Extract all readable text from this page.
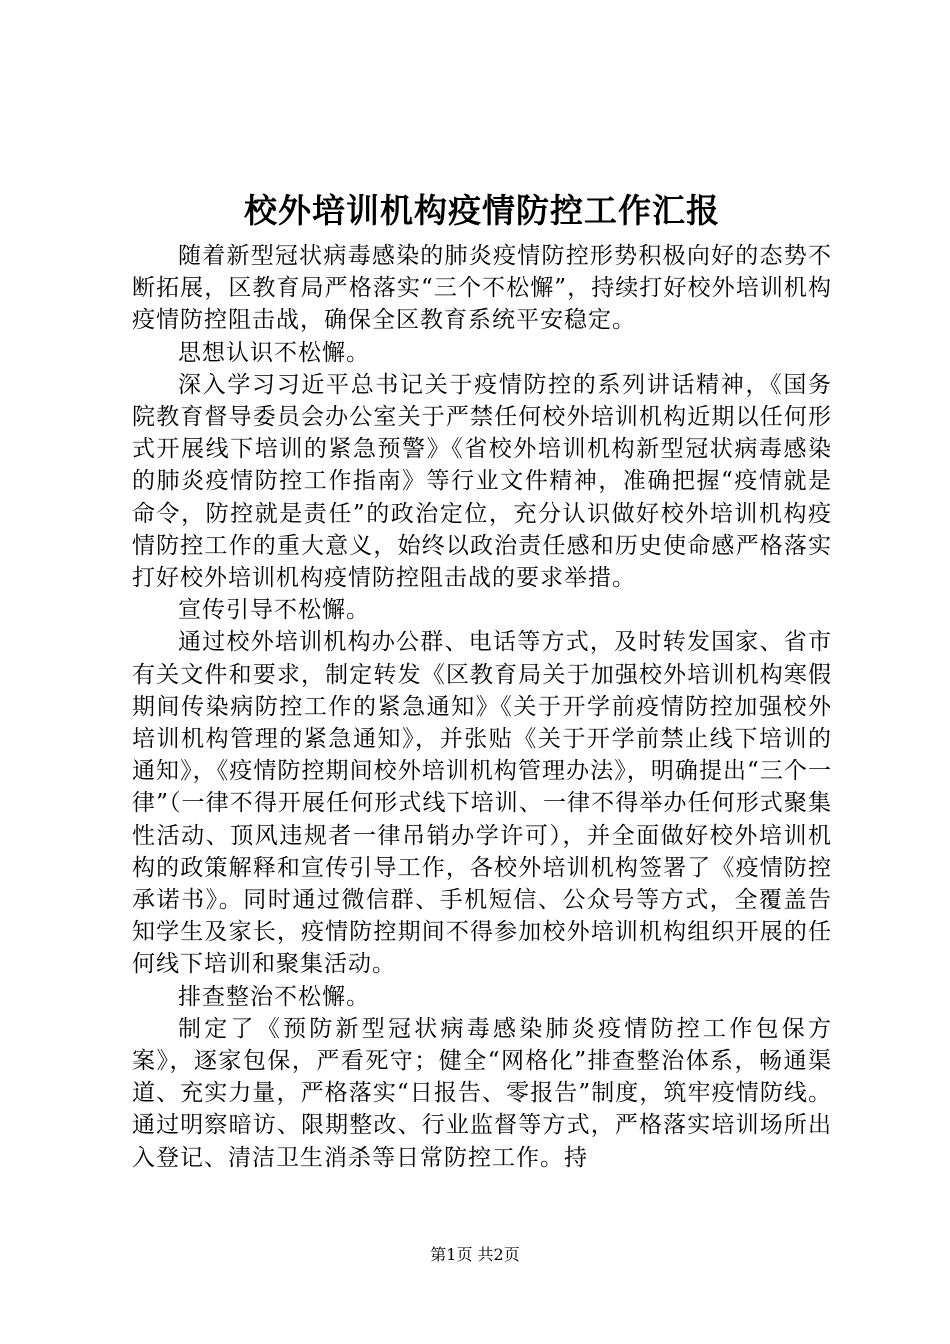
校外培训机构疫情防控工作汇报

随着新型冠状病毒感染的肺炎疫情防控形势积极向好的态势不断拓展，区教育局严格落实“三个不松懈”，持续打好校外培训机构疫情防控阻击战，确保全区教育系统平安稳定。

思想认识不松懈。

深入学习习近平总书记关于疫情防控的系列讲话精神，《国务院教育督导委员会办公室关于严禁任何校外培训机构近期以任何形式开展线下培训的紧急预警》《省校外培训机构新型冠状病毒感染的肺炎疫情防控工作指南》等行业文件精神，准确把握“疫情就是命令，防控就是责任”的政治定位，充分认识做好校外培训机构疫情防控工作的重大意义，始终以政治责任感和历史使命感严格落实打好校外培训机构疫情防控阻击战的要求举措。

宣传引导不松懈。

通过校外培训机构办公群、电话等方式，及时转发国家、省市有关文件和要求，制定转发《区教育局关于加强校外培训机构寒假期间传染病防控工作的紧急通知》《关于开学前疫情防控加强校外培训机构管理的紧急通知》，并张贴《关于开学前禁止线下培训的通知》，《疫情防控期间校外培训机构管理办法》，明确提出“三个一律”（一律不得开展任何形式线下培训、一律不得举办任何形式聚集性活动、顶风违规者一律吊销办学许可），并全面做好校外培训机构的政策解释和宣传引导工作，各校外培训机构签署了《疫情防控承诺书》。同时通过微信群、手机短信、公众号等方式，全覆盖告知学生及家长，疫情防控期间不得参加校外培训机构组织开展的任何线下培训和聚集活动。

排查整治不松懈。

制定了《预防新型冠状病毒感染肺炎疫情防控工作包保方案》，逐家包保，严看死守；健全“网格化”排查整治体系，畅通渠道、充实力量，严格落实“日报告、零报告”制度，筑牢疫情防线。通过明察暗访、限期整改、行业监督等方式，严格落实培训场所出入登记、清洁卫生消杀等日常防控工作。持

第1页 共2页
